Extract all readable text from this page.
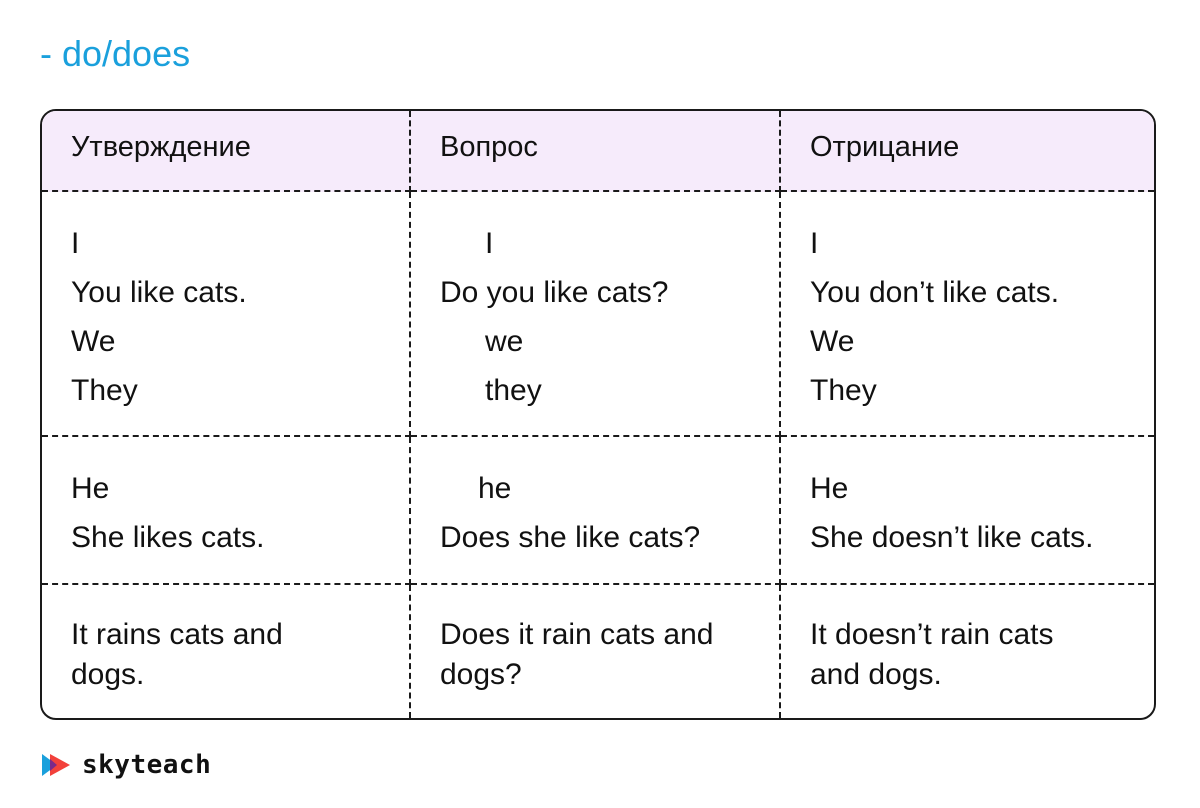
- do/does
Утверждение	Вопрос	Отрицание
I
You like cats.
We
They
I
Do you like cats?
we
they
I
You don’t like cats.
We
They
He
She likes cats.
he
Does she like cats?
He
She doesn’t like cats.
It rains cats and dogs.
Does it rain cats and dogs?
It doesn’t rain cats and dogs.
skyteach
